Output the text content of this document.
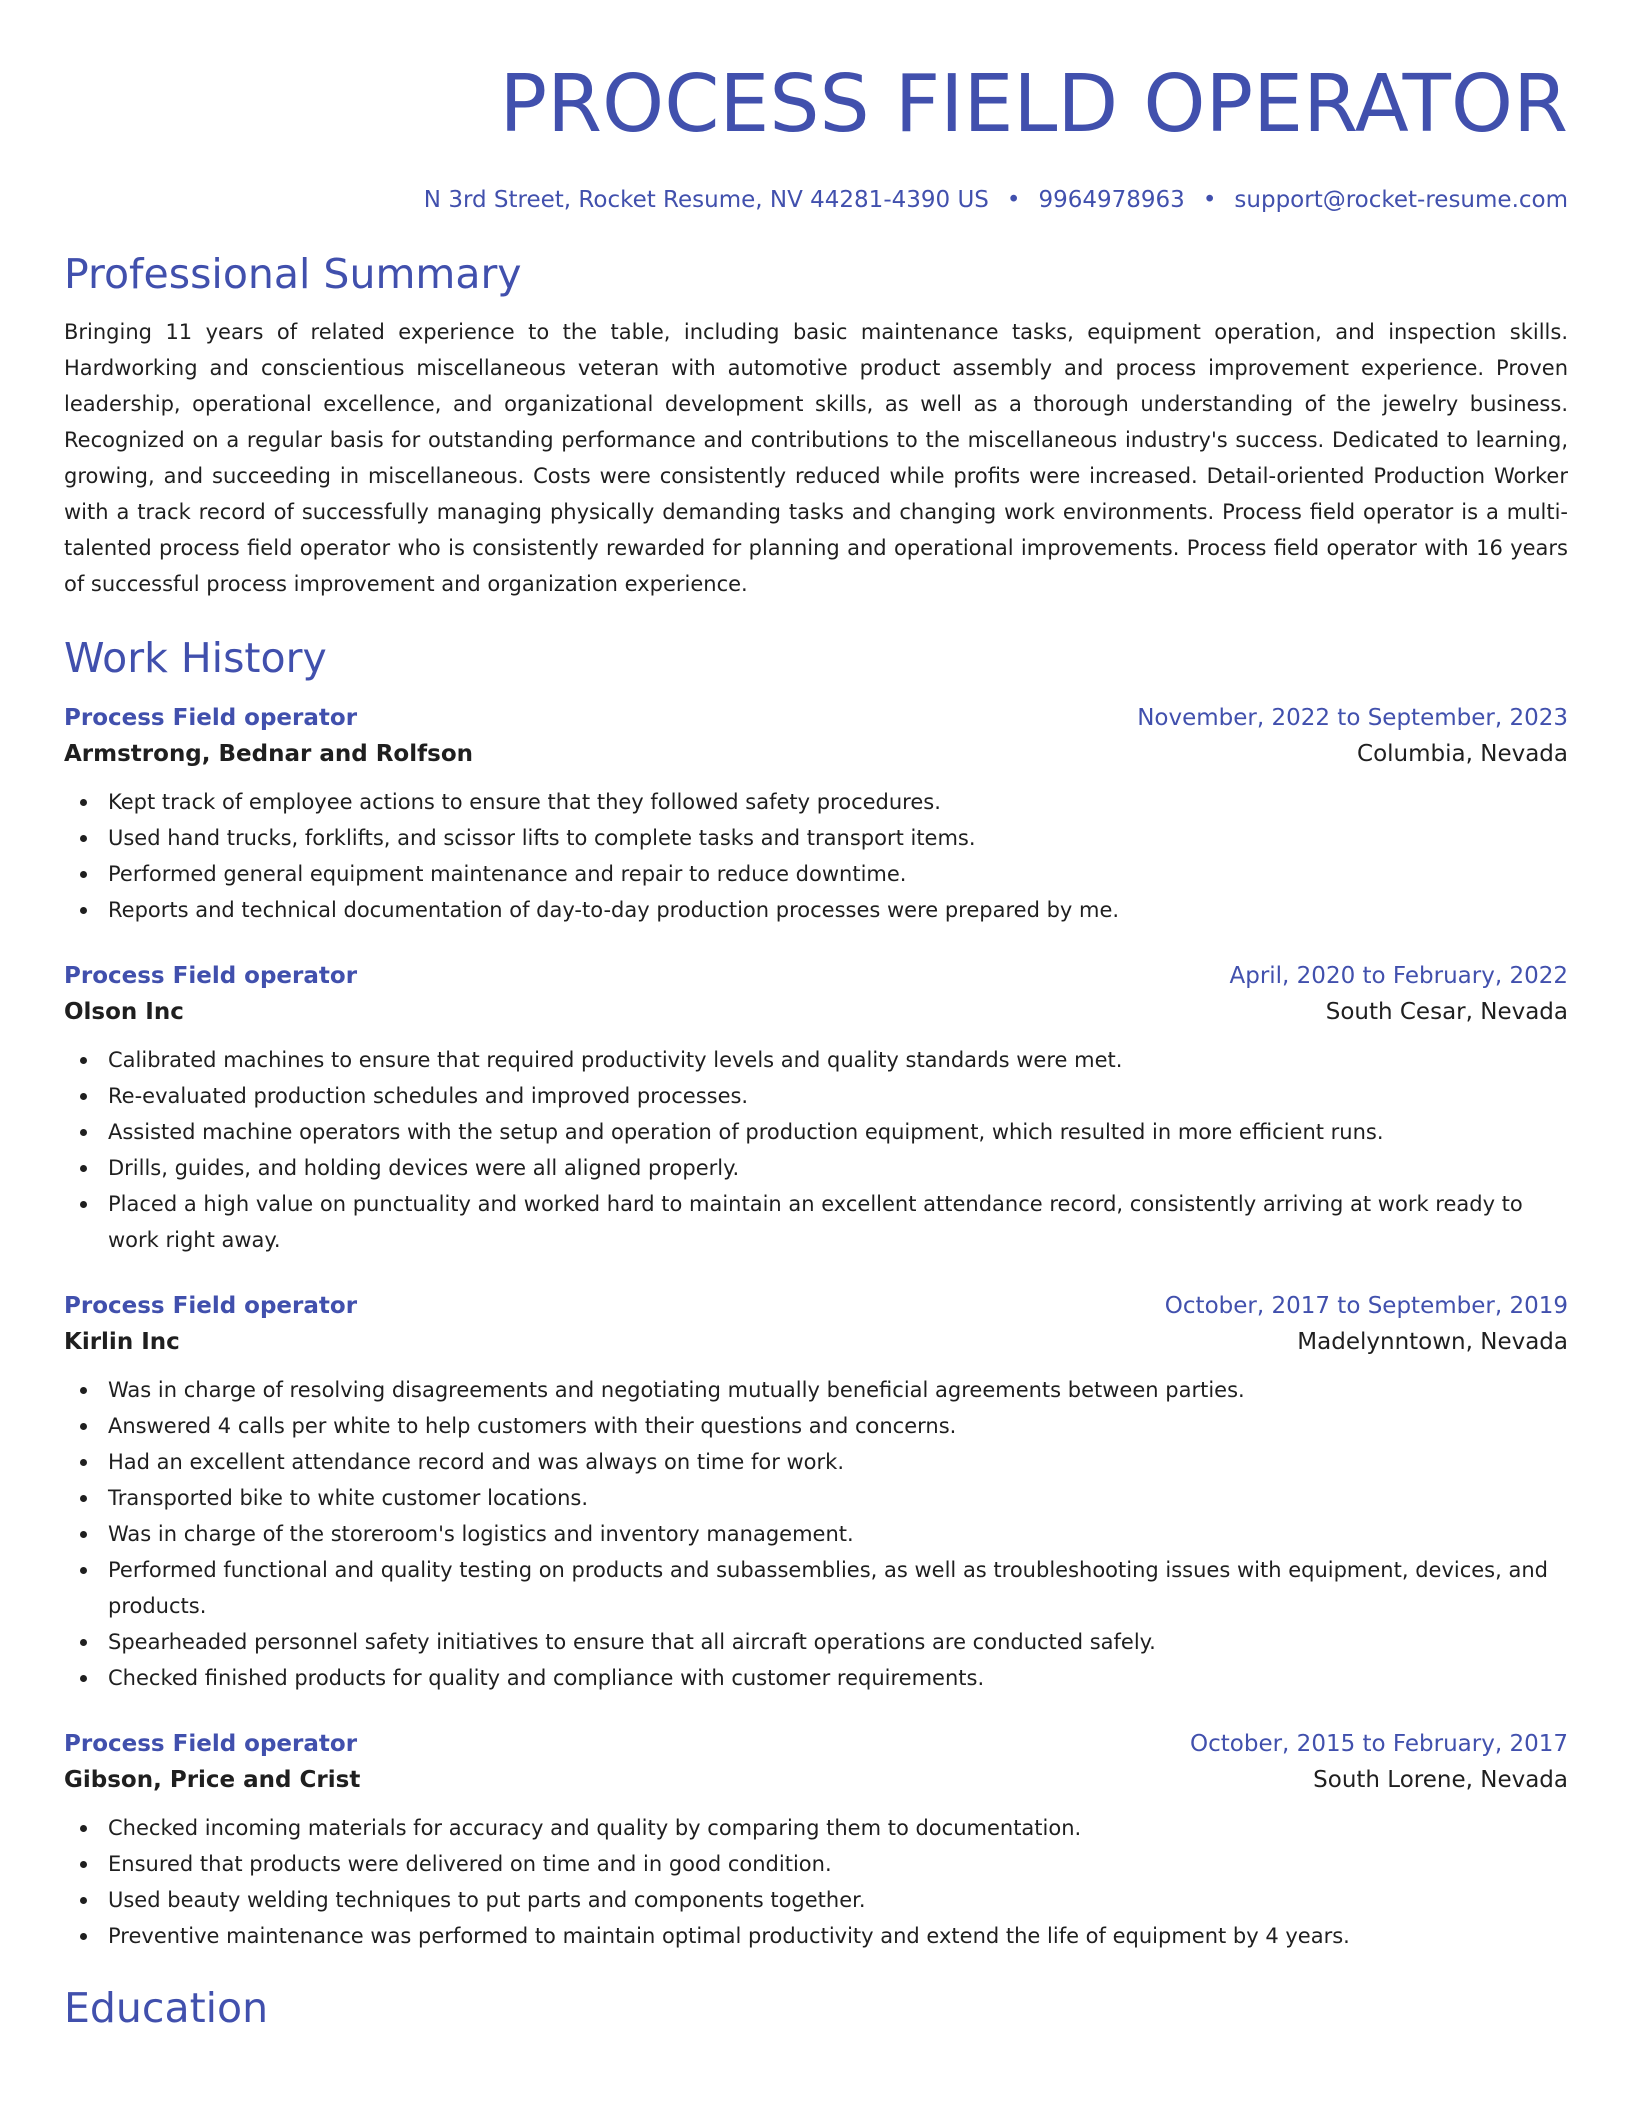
PROCESS FIELD OPERATOR
N 3rd Street, Rocket Resume, NV 44281-4390 US • 9964978963 • support@rocket-resume.com
Professional Summary

Bringing 11 years of related experience to the table, including basic maintenance tasks, equipment operation, and inspection skills. Hardworking and conscientious miscellaneous veteran with automotive product assembly and process improvement experience. Proven leadership, operational excellence, and organizational development skills, as well as a thorough understanding of the jewelry business. Recognized on a regular basis for outstanding performance and contributions to the miscellaneous industry's success. Dedicated to learning, growing, and succeeding in miscellaneous. Costs were consistently reduced while profits were increased. Detail-oriented Production Worker with a track record of successfully managing physically demanding tasks and changing work environments. Process field operator is a multi-talented process field operator who is consistently rewarded for planning and operational improvements. Process field operator with 16 years of successful process improvement and organization experience.

Work History
Process Field operator	November, 2022 to September, 2023
Armstrong, Bednar and Rolfson	Columbia, Nevada
Kept track of employee actions to ensure that they followed safety procedures.
Used hand trucks, forklifts, and scissor lifts to complete tasks and transport items.
Performed general equipment maintenance and repair to reduce downtime.
Reports and technical documentation of day-to-day production processes were prepared by me.
Process Field operator	April, 2020 to February, 2022
Olson Inc	South Cesar, Nevada
Calibrated machines to ensure that required productivity levels and quality standards were met.
Re-evaluated production schedules and improved processes.
Assisted machine operators with the setup and operation of production equipment, which resulted in more efficient runs.
Drills, guides, and holding devices were all aligned properly.
Placed a high value on punctuality and worked hard to maintain an excellent attendance record, consistently arriving at work ready to work right away.
Process Field operator	October, 2017 to September, 2019
Kirlin Inc	Madelynntown, Nevada
Was in charge of resolving disagreements and negotiating mutually beneficial agreements between parties.
Answered 4 calls per white to help customers with their questions and concerns.
Had an excellent attendance record and was always on time for work.
Transported bike to white customer locations.
Was in charge of the storeroom's logistics and inventory management.
Performed functional and quality testing on products and subassemblies, as well as troubleshooting issues with equipment, devices, and products.
Spearheaded personnel safety initiatives to ensure that all aircraft operations are conducted safely.
Checked finished products for quality and compliance with customer requirements.
Process Field operator	October, 2015 to February, 2017
Gibson, Price and Crist	South Lorene, Nevada
Checked incoming materials for accuracy and quality by comparing them to documentation.
Ensured that products were delivered on time and in good condition.
Used beauty welding techniques to put parts and components together.
Preventive maintenance was performed to maintain optimal productivity and extend the life of equipment by 4 years.
Education
